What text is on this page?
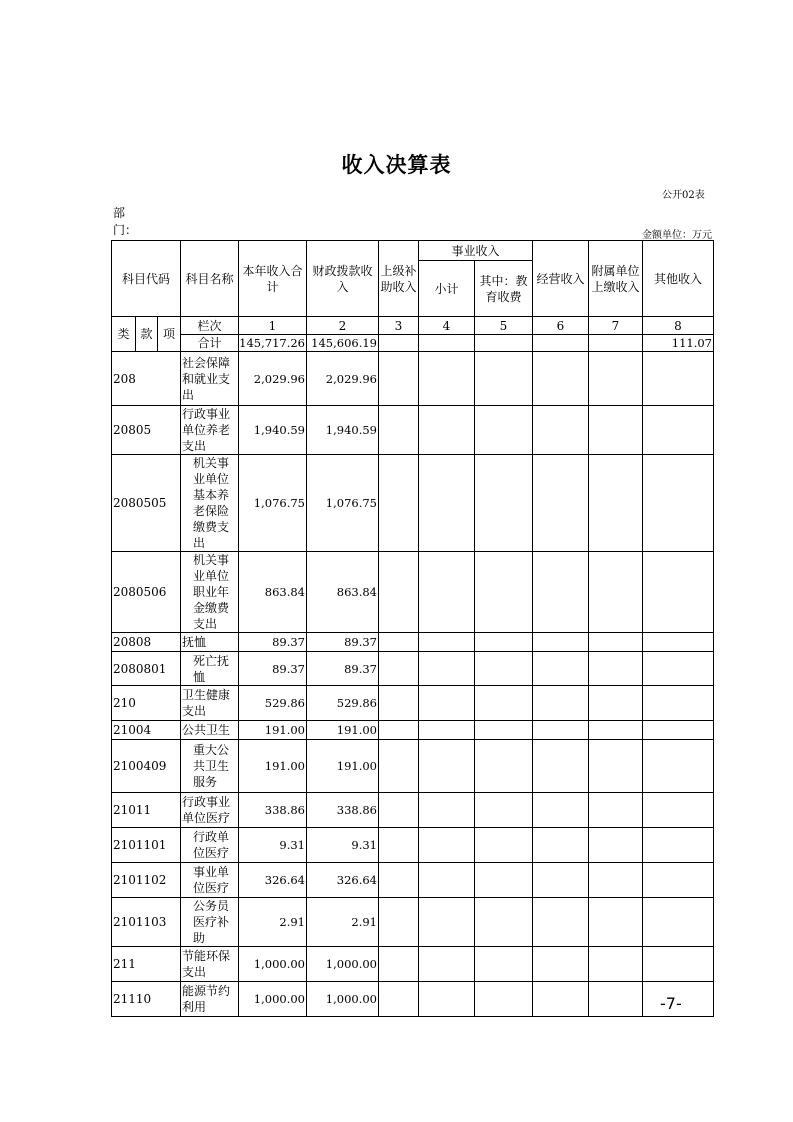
收入决算表
公开02表
部
门：	金额单位：万元
科目代码			科目名称	本年收入合计	财政拨款收入	上级补助收入	事业收入		经营收入	附属单位上缴收入	其他收入
							小计	其中：教育收费			
类	款	项	栏次	1	2	3	4	5	6	7	8
			合计	145,717.26	145,606.19						111.07
208			社会保障和就业支出	2,029.96	2,029.96						
20805			行政事业单位养老支出	1,940.59	1,940.59						
2080505			机关事业单位基本养老保险缴费支出	1,076.75	1,076.75						
2080506			机关事业单位职业年金缴费支出	863.84	863.84						
20808			抚恤	89.37	89.37						
2080801			死亡抚恤	89.37	89.37						
210			卫生健康支出	529.86	529.86						
21004			公共卫生	191.00	191.00						
2100409			重大公共卫生服务	191.00	191.00						
21011			行政事业单位医疗	338.86	338.86						
2101101			行政单位医疗	9.31	9.31						
2101102			事业单位医疗	326.64	326.64						
2101103			公务员医疗补助	2.91	2.91						
211			节能环保支出	1,000.00	1,000.00						
21110			能源节约利用	1,000.00	1,000.00							-7-
